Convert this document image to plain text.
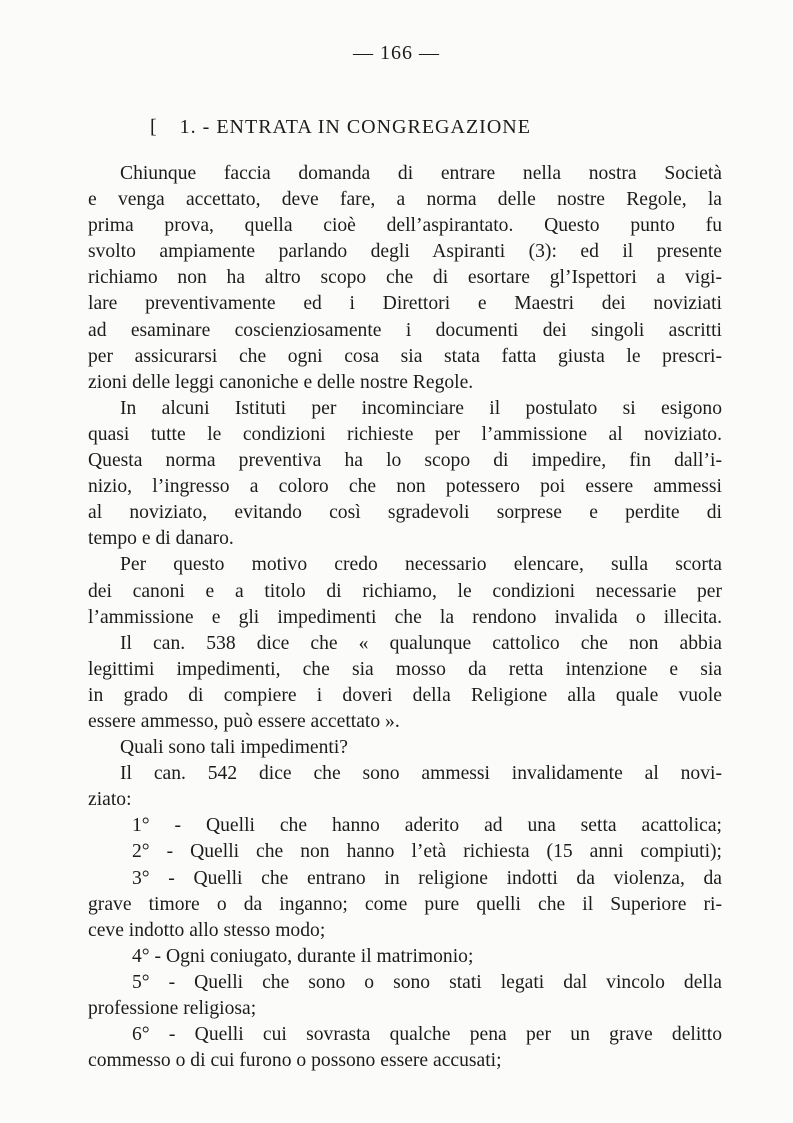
— 166 —
[ 1. - ENTRATA IN CONGREGAZIONE
Chiunque faccia domanda di entrare nella nostra Società
e venga accettato, deve fare, a norma delle nostre Regole, la
prima prova, quella cioè dell’aspirantato. Questo punto fu
svolto ampiamente parlando degli Aspiranti (3): ed il presente
richiamo non ha altro scopo che di esortare gl’Ispettori a vigi-
lare preventivamente ed i Direttori e Maestri dei noviziati
ad esaminare coscienziosamente i documenti dei singoli ascritti
per assicurarsi che ogni cosa sia stata fatta giusta le prescri-
zioni delle leggi canoniche e delle nostre Regole.
In alcuni Istituti per incominciare il postulato si esigono
quasi tutte le condizioni richieste per l’ammissione al noviziato.
Questa norma preventiva ha lo scopo di impedire, fin dall’i-
nizio, l’ingresso a coloro che non potessero poi essere ammessi
al noviziato, evitando così sgradevoli sorprese e perdite di
tempo e di danaro.
Per questo motivo credo necessario elencare, sulla scorta
dei canoni e a titolo di richiamo, le condizioni necessarie per
l’ammissione e gli impedimenti che la rendono invalida o illecita.
Il can. 538 dice che « qualunque cattolico che non abbia
legittimi impedimenti, che sia mosso da retta intenzione e sia
in grado di compiere i doveri della Religione alla quale vuole
essere ammesso, può essere accettato ».
Quali sono tali impedimenti?
Il can. 542 dice che sono ammessi invalidamente al novi-
ziato:
1° - Quelli che hanno aderito ad una setta acattolica;
2° - Quelli che non hanno l’età richiesta (15 anni compiuti);
3° - Quelli che entrano in religione indotti da violenza, da
grave timore o da inganno; come pure quelli che il Superiore ri-
ceve indotto allo stesso modo;
4° - Ogni coniugato, durante il matrimonio;
5° - Quelli che sono o sono stati legati dal vincolo della
professione religiosa;
6° - Quelli cui sovrasta qualche pena per un grave delitto
commesso o di cui furono o possono essere accusati;
